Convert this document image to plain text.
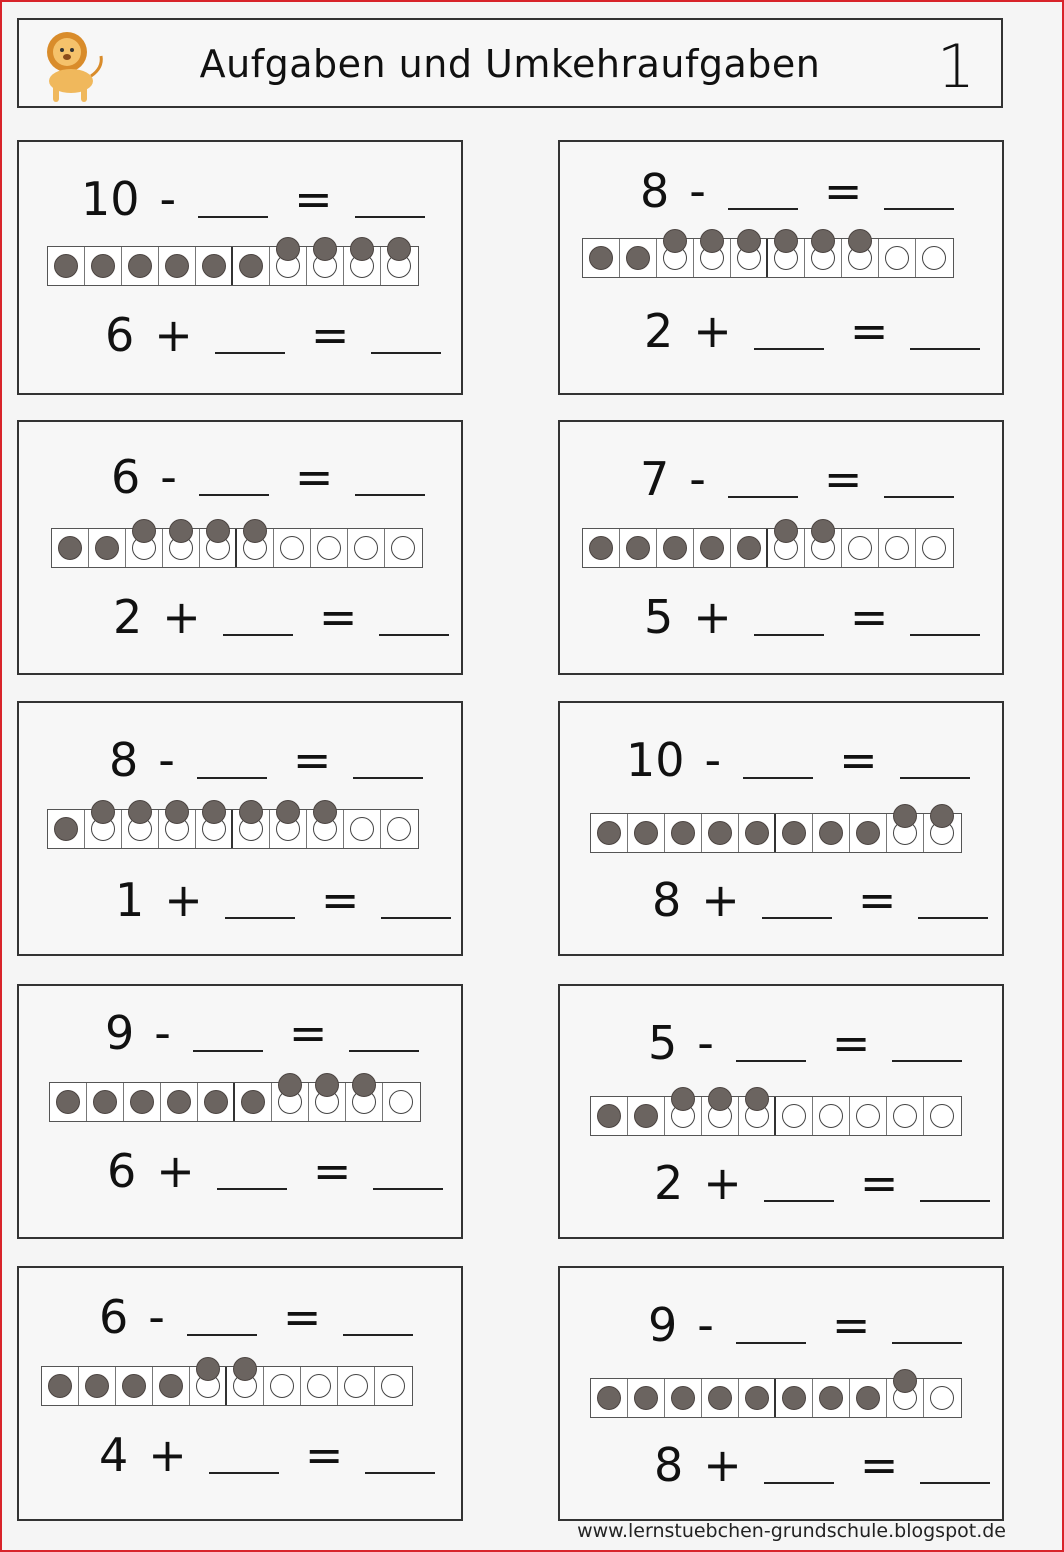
Aufgaben und Umkehraufgaben	1
10 -	=
6 +	=
8 -	=
2 +	=
6 -	=
2 +	=
7 -	=
5 +	=
8 -	=
1 +	=
10 -	=
8 +	=
9 -	=
6 +	=
5 -	=
2 +	=
6 -	=
4 +	=
9 -	=
8 +	=
www.lernstuebchen-grundschule.blogspot.de
